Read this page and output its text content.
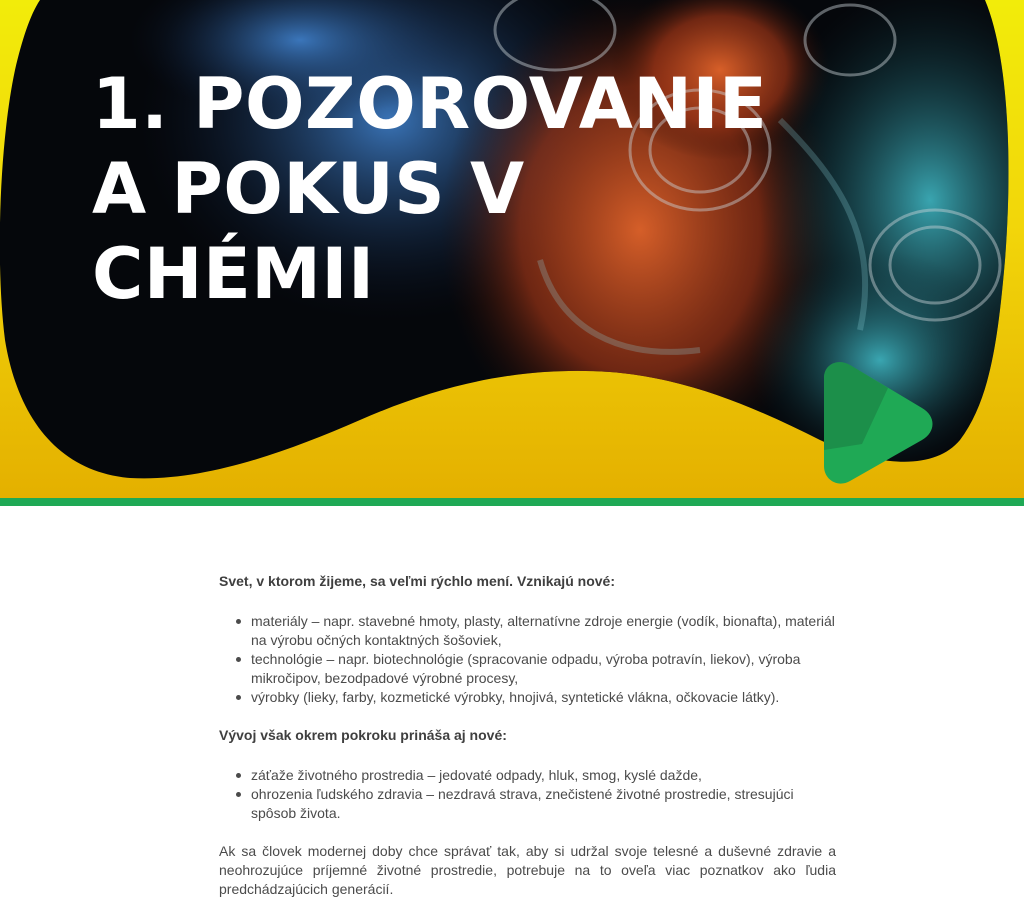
1. POZOROVANIE
A POKUS V
CHÉMII

Svet, v ktorom žijeme, sa veľmi rýchlo mení. Vznikajú nové:

materiály – napr. stavebné hmoty, plasty, alternatívne zdroje energie (vodík, bionafta), materiál na výrobu očných kontaktných šošoviek,
technológie – napr. biotechnológie (spracovanie odpadu, výroba potravín, liekov), výroba mikročipov, bezodpadové výrobné procesy,
výrobky (lieky, farby, kozmetické výrobky, hnojivá, syntetické vlákna, očkovacie látky).

Vývoj však okrem pokroku prináša aj nové:

záťaže životného prostredia – jedovaté odpady, hluk, smog, kyslé dažde,
ohrozenia ľudského zdravia – nezdravá strava, znečistené životné prostredie, stresujúci spôsob života.

Ak sa človek modernej doby chce správať tak, aby si udržal svoje telesné a duševné zdravie a neohrozujúce príjemné životné prostredie, potrebuje na to oveľa viac poznatkov ako ľudia predchádzajúcich generácií.
